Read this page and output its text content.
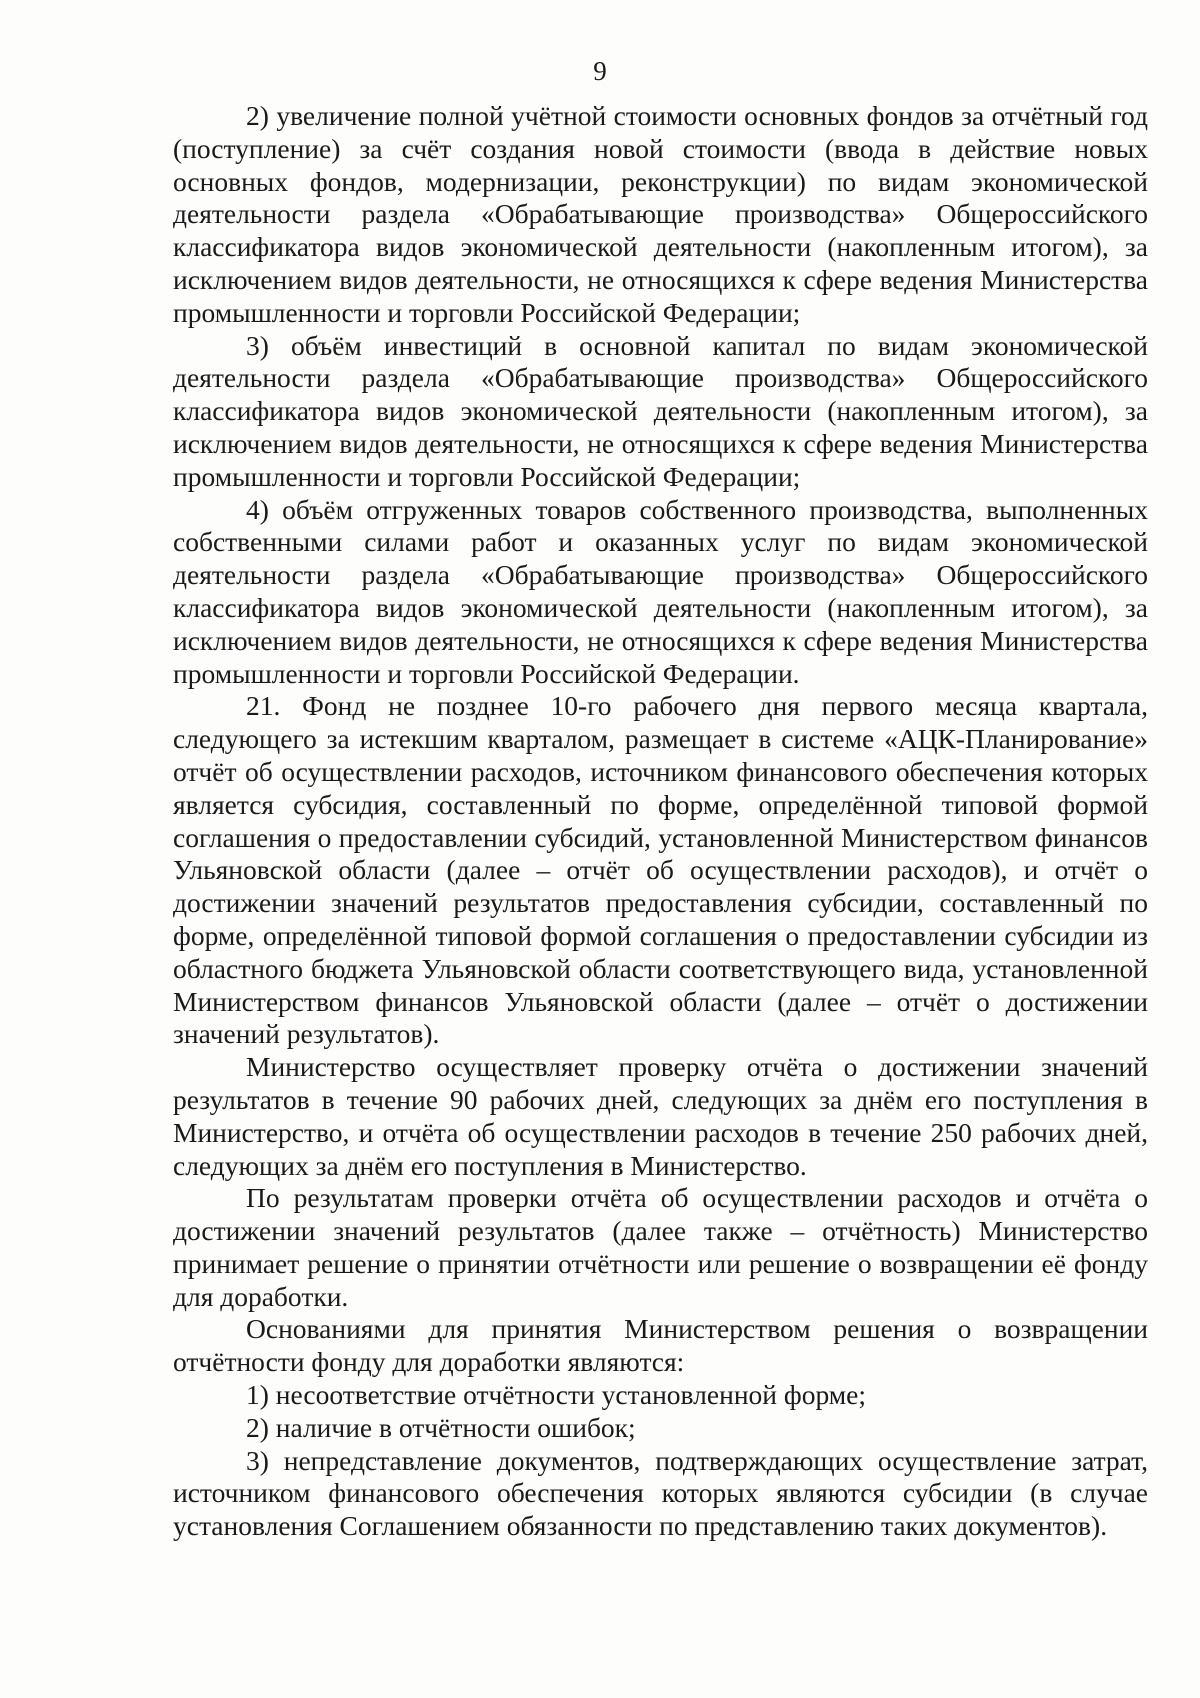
9

2) увеличение полной учётной стоимости основных фондов за отчётный год (поступление) за счёт создания новой стоимости (ввода в действие новых основных фондов, модернизации, реконструкции) по видам экономической деятельности раздела «Обрабатывающие производства» Общероссийского классификатора видов экономической деятельности (накопленным итогом), за исключением видов деятельности, не относящихся к сфере ведения Министерства промышленности и торговли Российской Федерации;

3) объём инвестиций в основной капитал по видам экономической деятельности раздела «Обрабатывающие производства» Общероссийского классификатора видов экономической деятельности (накопленным итогом), за исключением видов деятельности, не относящихся к сфере ведения Министерства промышленности и торговли Российской Федерации;

4) объём отгруженных товаров собственного производства, выполненных собственными силами работ и оказанных услуг по видам экономической деятельности раздела «Обрабатывающие производства» Общероссийского классификатора видов экономической деятельности (накопленным итогом), за исключением видов деятельности, не относящихся к сфере ведения Министерства промышленности и торговли Российской Федерации.

21. Фонд не позднее 10-го рабочего дня первого месяца квартала, следующего за истекшим кварталом, размещает в системе «АЦК-Планирование» отчёт об осуществлении расходов, источником финансового обеспечения которых является субсидия, составленный по форме, определённой типовой формой соглашения о предоставлении субсидий, установленной Министерством финансов Ульяновской области (далее – отчёт об осуществлении расходов), и отчёт о достижении значений результатов предоставления субсидии, составленный по форме, определённой типовой формой соглашения о предоставлении субсидии из областного бюджета Ульяновской области соответствующего вида, установленной Министерством финансов Ульяновской области (далее – отчёт о достижении значений результатов).

Министерство осуществляет проверку отчёта о достижении значений результатов в течение 90 рабочих дней, следующих за днём его поступления в Министерство, и отчёта об осуществлении расходов в течение 250 рабочих дней, следующих за днём его поступления в Министерство.

По результатам проверки отчёта об осуществлении расходов и отчёта о достижении значений результатов (далее также – отчётность) Министерство принимает решение о принятии отчётности или решение о возвращении её фонду для доработки.

Основаниями для принятия Министерством решения о возвращении отчётности фонду для доработки являются:

1) несоответствие отчётности установленной форме;

2) наличие в отчётности ошибок;

3) непредставление документов, подтверждающих осуществление затрат, источником финансового обеспечения которых являются субсидии (в случае установления Соглашением обязанности по представлению таких документов).
